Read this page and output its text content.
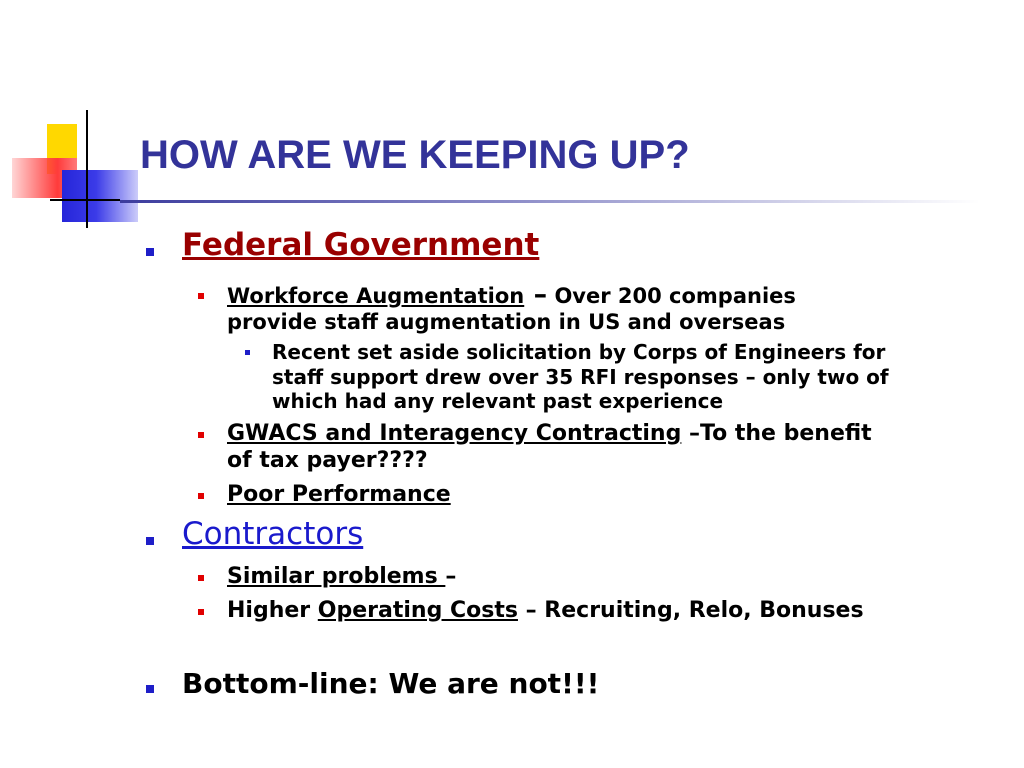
HOW ARE WE KEEPING UP?
Federal Government
Workforce Augmentation – Over 200 companies
provide staff augmentation in US and overseas
Recent set aside solicitation by Corps of Engineers for
staff support drew over 35 RFI responses – only two of
which had any relevant past experience
GWACS and Interagency Contracting –To the benefit
of tax payer????
Poor Performance
Contractors
Similar problems –
Higher Operating Costs – Recruiting, Relo, Bonuses
Bottom-line: We are not!!!
